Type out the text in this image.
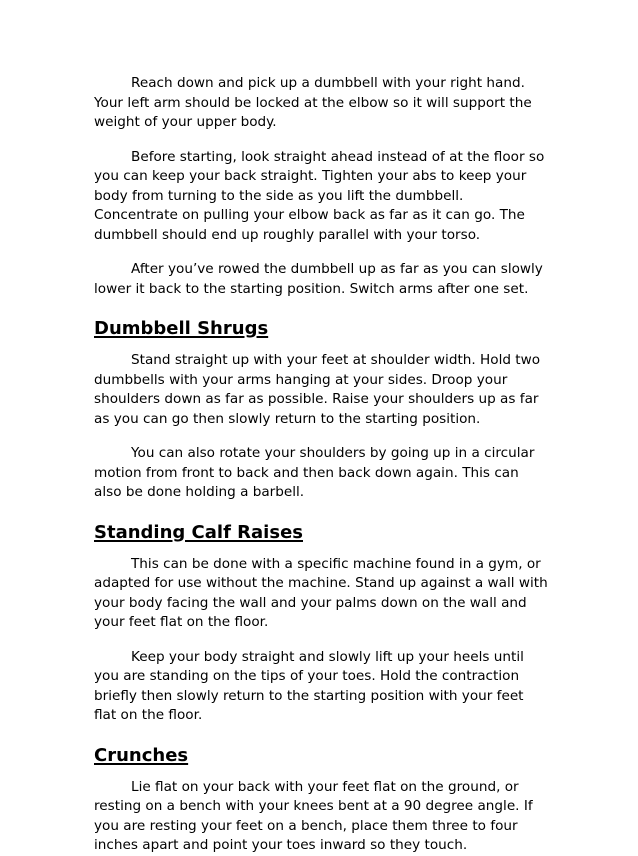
Reach down and pick up a dumbbell with your right hand. Your left arm should be locked at the elbow so it will support the weight of your upper body.

Before starting, look straight ahead instead of at the floor so you can keep your back straight. Tighten your abs to keep your body from turning to the side as you lift the dumbbell. Concentrate on pulling your elbow back as far as it can go. The dumbbell should end up roughly parallel with your torso.

After you’ve rowed the dumbbell up as far as you can slowly lower it back to the starting position. Switch arms after one set.

Dumbbell Shrugs

Stand straight up with your feet at shoulder width. Hold two dumbbells with your arms hanging at your sides. Droop your shoulders down as far as possible. Raise your shoulders up as far as you can go then slowly return to the starting position.

You can also rotate your shoulders by going up in a circular motion from front to back and then back down again. This can also be done holding a barbell.

Standing Calf Raises

This can be done with a specific machine found in a gym, or adapted for use without the machine. Stand up against a wall with your body facing the wall and your palms down on the wall and your feet flat on the floor.

Keep your body straight and slowly lift up your heels until you are standing on the tips of your toes. Hold the contraction briefly then slowly return to the starting position with your feet flat on the floor.

Crunches

Lie flat on your back with your feet flat on the ground, or resting on a bench with your knees bent at a 90 degree angle. If you are resting your feet on a bench, place them three to four inches apart and point your toes inward so they touch.
